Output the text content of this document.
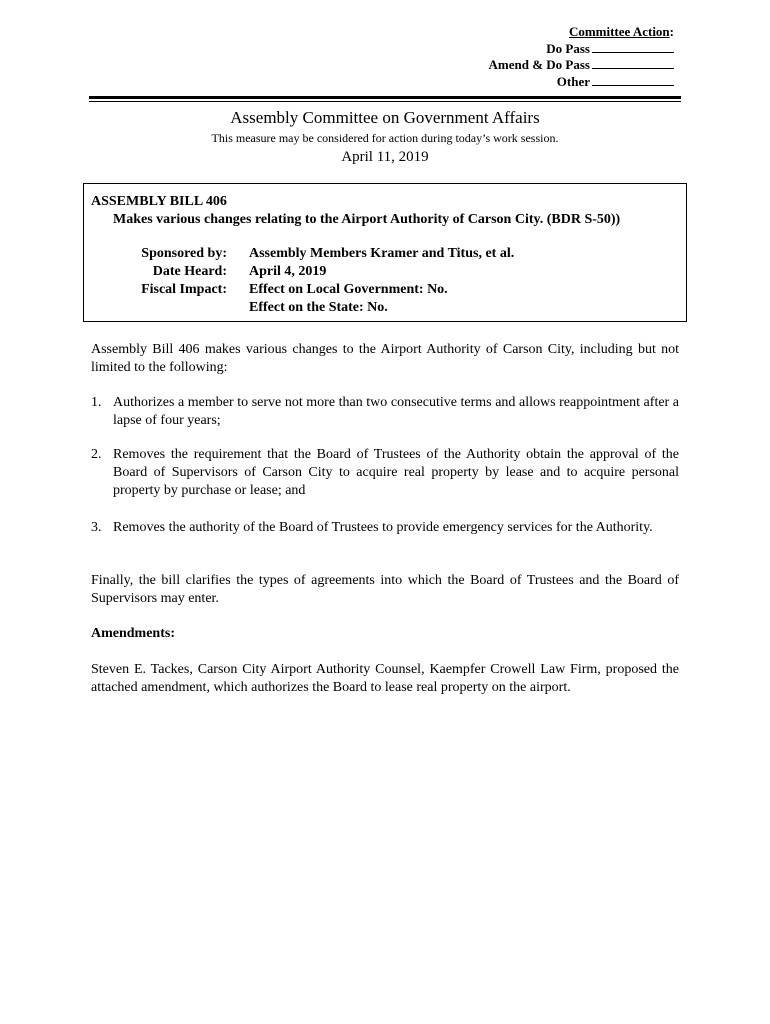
Committee Action:
Do Pass
Amend & Do Pass
Other
Assembly Committee on Government Affairs
This measure may be considered for action during today’s work session.
April 11, 2019
ASSEMBLY BILL 406
Makes various changes relating to the Airport Authority of Carson City. (BDR S-50))
Sponsored by: Assembly Members Kramer and Titus, et al.
Date Heard: April 4, 2019
Fiscal Impact: Effect on Local Government: No.
Effect on the State: No.
Assembly Bill 406 makes various changes to the Airport Authority of Carson City, including but not limited to the following:
1. Authorizes a member to serve not more than two consecutive terms and allows reappointment after a lapse of four years;
2. Removes the requirement that the Board of Trustees of the Authority obtain the approval of the Board of Supervisors of Carson City to acquire real property by lease and to acquire personal property by purchase or lease; and
3. Removes the authority of the Board of Trustees to provide emergency services for the Authority.
Finally, the bill clarifies the types of agreements into which the Board of Trustees and the Board of Supervisors may enter.
Amendments:
Steven E. Tackes, Carson City Airport Authority Counsel, Kaempfer Crowell Law Firm, proposed the attached amendment, which authorizes the Board to lease real property on the airport.
